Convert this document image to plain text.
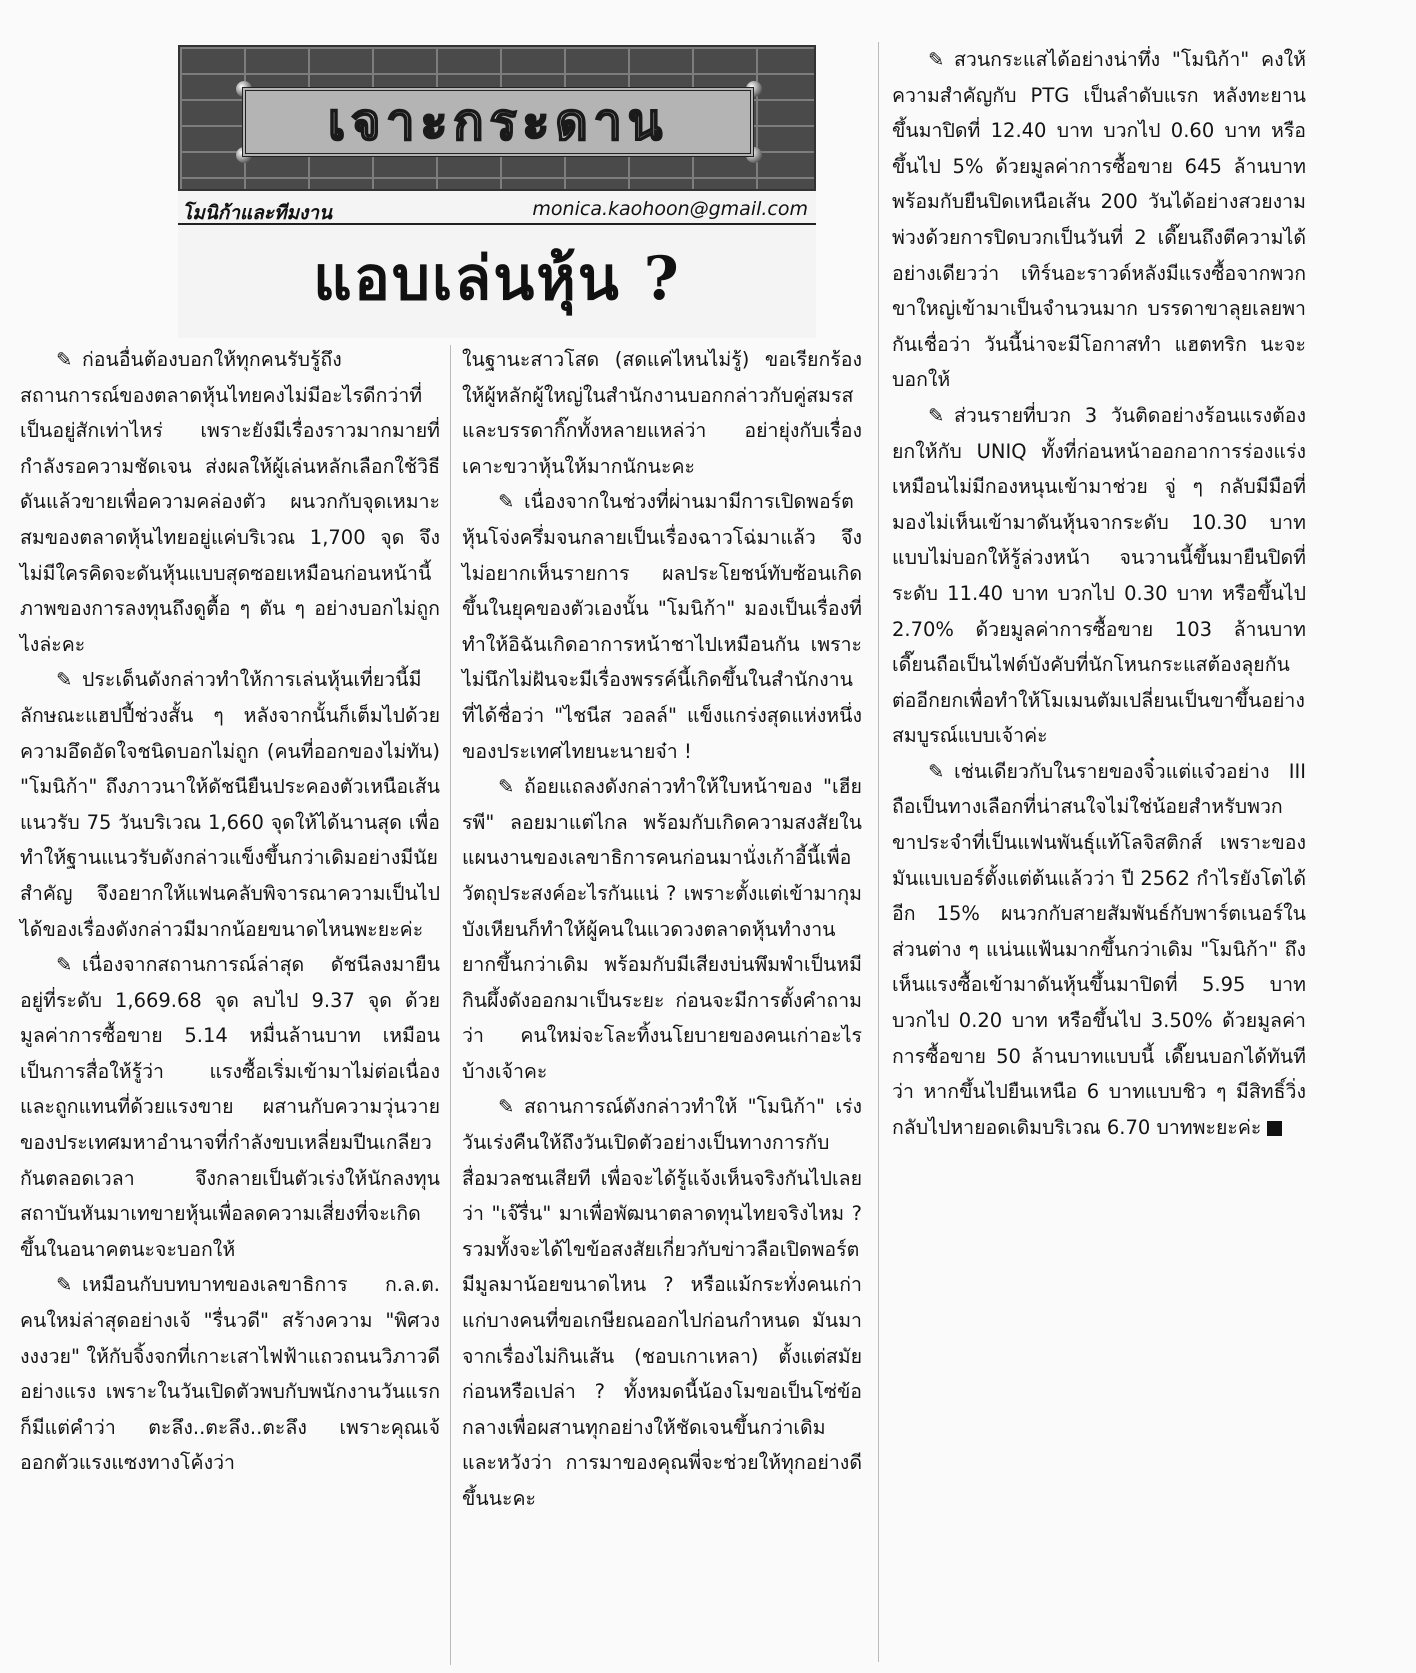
เจาะกระดาน
โมนิก้าและทีมงาน	monica.kaohoon@gmail.com
แอบเล่นหุ้น ?

✎ ก่อนอื่นต้องบอกให้ทุกคนรับรู้ถึงสถานการณ์ของตลาดหุ้นไทยคงไม่มีอะไรดีกว่าที่เป็นอยู่สักเท่าไหร่ เพราะยังมีเรื่องราวมากมายที่กำลังรอความชัดเจน ส่งผลให้ผู้เล่นหลักเลือกใช้วิธีดันแล้วขายเพื่อความคล่องตัว ผนวกกับจุดเหมาะสมของตลาดหุ้นไทยอยู่แค่บริเวณ 1,700 จุด จึงไม่มีใครคิดจะดันหุ้นแบบสุดซอยเหมือนก่อนหน้านี้ ภาพของการลงทุนถึงดูตื้อ ๆ ตัน ๆ อย่างบอกไม่ถูกไงล่ะคะ

✎ ประเด็นดังกล่าวทำให้การเล่นหุ้นเที่ยวนี้มีลักษณะแฮปปี้ช่วงสั้น ๆ หลังจากนั้นก็เต็มไปด้วยความอึดอัดใจชนิดบอกไม่ถูก (คนที่ออกของไม่ทัน) "โมนิก้า" ถึงภาวนาให้ดัชนียืนประคองตัวเหนือเส้นแนวรับ 75 วันบริเวณ 1,660 จุดให้ได้นานสุด เพื่อทำให้ฐานแนวรับดังกล่าวแข็งขึ้นกว่าเดิมอย่างมีนัยสำคัญ จึงอยากให้แฟนคลับพิจารณาความเป็นไปได้ของเรื่องดังกล่าวมีมากน้อยขนาดไหนพะยะค่ะ

✎ เนื่องจากสถานการณ์ล่าสุด ดัชนีลงมายืนอยู่ที่ระดับ 1,669.68 จุด ลบไป 9.37 จุด ด้วยมูลค่าการซื้อขาย 5.14 หมื่นล้านบาท เหมือนเป็นการสื่อให้รู้ว่า แรงซื้อเริ่มเข้ามาไม่ต่อเนื่อง และถูกแทนที่ด้วยแรงขาย ผสานกับความวุ่นวายของประเทศมหาอำนาจที่กำลังขบเหลี่ยมปีนเกลียวกันตลอดเวลา จึงกลายเป็นตัวเร่งให้นักลงทุนสถาบันหันมาเทขายหุ้นเพื่อลดความเสี่ยงที่จะเกิดขึ้นในอนาคตนะจะบอกให้

✎ เหมือนกับบทบาทของเลขาธิการ ก.ล.ต. คนใหม่ล่าสุดอย่างเจ้ "รื่นวดี" สร้างความ "พิศวง งงงวย" ให้กับจิ้งจกที่เกาะเสาไฟฟ้าแถวถนนวิภาวดีอย่างแรง เพราะในวันเปิดตัวพบกับพนักงานวันแรก ก็มีแต่คำว่า ตะลึง..ตะลึง..ตะลึง เพราะคุณเจ้ออกตัวแรงแซงทางโค้งว่า

ในฐานะสาวโสด (สดแค่ไหนไม่รู้) ขอเรียกร้องให้ผู้หลักผู้ใหญ่ในสำนักงานบอกกล่าวกับคู่สมรสและบรรดากิ๊กทั้งหลายแหล่ว่า อย่ายุ่งกับเรื่องเคาะขวาหุ้นให้มากนักนะคะ

✎ เนื่องจากในช่วงที่ผ่านมามีการเปิดพอร์ตหุ้นโจ่งครึ่มจนกลายเป็นเรื่องฉาวโฉ่มาแล้ว จึงไม่อยากเห็นรายการ ผลประโยชน์ทับซ้อนเกิดขึ้นในยุคของตัวเองนั้น "โมนิก้า" มองเป็นเรื่องที่ทำให้อิฉันเกิดอาการหน้าชาไปเหมือนกัน เพราะไม่นึกไม่ฝันจะมีเรื่องพรรค์นี้เกิดขึ้นในสำนักงานที่ได้ชื่อว่า "ไชนีส วอลล์" แข็งแกร่งสุดแห่งหนึ่งของประเทศไทยนะนายจ๋า !

✎ ถ้อยแถลงดังกล่าวทำให้ใบหน้าของ "เฮียรพี" ลอยมาแต่ไกล พร้อมกับเกิดความสงสัยในแผนงานของเลขาธิการคนก่อนมานั่งเก้าอี้นี้เพื่อวัตถุประสงค์อะไรกันแน่ ? เพราะตั้งแต่เข้ามากุมบังเหียนก็ทำให้ผู้คนในแวดวงตลาดหุ้นทำงานยากขึ้นกว่าเดิม พร้อมกับมีเสียงบ่นพึมพำเป็นหมีกินผึ้งดังออกมาเป็นระยะ ก่อนจะมีการตั้งคำถามว่า คนใหม่จะโละทิ้งนโยบายของคนเก่าอะไรบ้างเจ้าคะ

✎ สถานการณ์ดังกล่าวทำให้ "โมนิก้า" เร่งวันเร่งคืนให้ถึงวันเปิดตัวอย่างเป็นทางการกับสื่อมวลชนเสียที เพื่อจะได้รู้แจ้งเห็นจริงกันไปเลยว่า "เจ๊รื่น" มาเพื่อพัฒนาตลาดทุนไทยจริงไหม ? รวมทั้งจะได้ไขข้อสงสัยเกี่ยวกับข่าวลือเปิดพอร์ตมีมูลมาน้อยขนาดไหน ? หรือแม้กระทั่งคนเก่าแก่บางคนที่ขอเกษียณออกไปก่อนกำหนด มันมาจากเรื่องไม่กินเส้น (ชอบเกาเหลา) ตั้งแต่สมัยก่อนหรือเปล่า ? ทั้งหมดนี้น้องโมขอเป็นโซ่ข้อกลางเพื่อผสานทุกอย่างให้ชัดเจนขึ้นกว่าเดิม และหวังว่า การมาของคุณพี่จะช่วยให้ทุกอย่างดีขึ้นนะคะ

✎ สวนกระแสได้อย่างน่าทึ่ง "โมนิก้า" คงให้ความสำคัญกับ PTG เป็นลำดับแรก หลังทะยานขึ้นมาปิดที่ 12.40 บาท บวกไป 0.60 บาท หรือขึ้นไป 5% ด้วยมูลค่าการซื้อขาย 645 ล้านบาท พร้อมกับยืนปิดเหนือเส้น 200 วันได้อย่างสวยงาม พ่วงด้วยการปิดบวกเป็นวันที่ 2 เดี๊ยนถึงตีความได้อย่างเดียวว่า เทิร์นอะราวด์หลังมีแรงซื้อจากพวกขาใหญ่เข้ามาเป็นจำนวนมาก บรรดาขาลุยเลยพากันเชื่อว่า วันนี้น่าจะมีโอกาสทำ แฮตทริก นะจะบอกให้

✎ ส่วนรายที่บวก 3 วันติดอย่างร้อนแรงต้องยกให้กับ UNIQ ทั้งที่ก่อนหน้าออกอาการร่องแร่งเหมือนไม่มีกองหนุนเข้ามาช่วย จู่ ๆ กลับมีมือที่มองไม่เห็นเข้ามาดันหุ้นจากระดับ 10.30 บาทแบบไม่บอกให้รู้ล่วงหน้า จนวานนี้ขึ้นมายืนปิดที่ระดับ 11.40 บาท บวกไป 0.30 บาท หรือขึ้นไป 2.70% ด้วยมูลค่าการซื้อขาย 103 ล้านบาท เดี๊ยนถือเป็นไฟต์บังคับที่นักโหนกระแสต้องลุยกันต่ออีกยกเพื่อทำให้โมเมนตัมเปลี่ยนเป็นขาขึ้นอย่างสมบูรณ์แบบเจ้าค่ะ

✎ เช่นเดียวกับในรายของจิ๋วแต่แจ๋วอย่าง III ถือเป็นทางเลือกที่น่าสนใจไม่ใช่น้อยสำหรับพวกขาประจำที่เป็นแฟนพันธุ์แท้โลจิสติกส์ เพราะของมันแบเบอร์ตั้งแต่ต้นแล้วว่า ปี 2562 กำไรยังโตได้อีก 15% ผนวกกับสายสัมพันธ์กับพาร์ตเนอร์ในส่วนต่าง ๆ แน่นแฟ้นมากขึ้นกว่าเดิม "โมนิก้า" ถึงเห็นแรงซื้อเข้ามาดันหุ้นขึ้นมาปิดที่ 5.95 บาท บวกไป 0.20 บาท หรือขึ้นไป 3.50% ด้วยมูลค่าการซื้อขาย 50 ล้านบาทแบบนี้ เดี๊ยนบอกได้ทันทีว่า หากขึ้นไปยืนเหนือ 6 บาทแบบชิว ๆ มีสิทธิ์วิ่งกลับไปหายอดเดิมบริเวณ 6.70 บาทพะยะค่ะ
